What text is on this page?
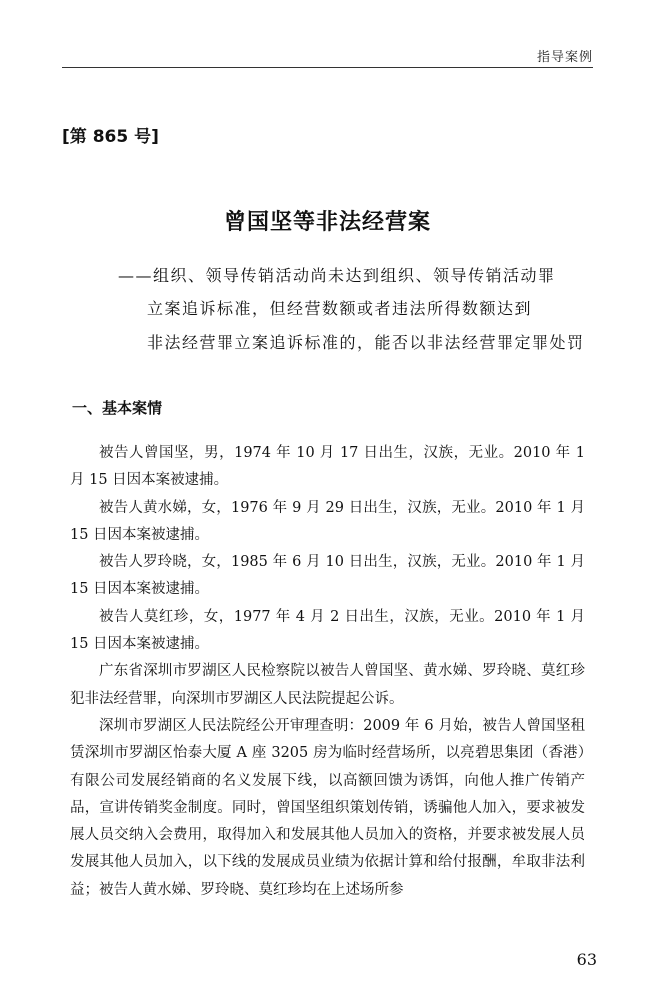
指导案例
[第 865 号]
曾国坚等非法经营案
——组织、领导传销活动尚未达到组织、领导传销活动罪
立案追诉标准，但经营数额或者违法所得数额达到
非法经营罪立案追诉标准的，能否以非法经营罪定罪处罚
一、基本案情

被告人曾国坚，男，1974 年 10 月 17 日出生，汉族，无业。2010 年 1 月 15 日因本案被逮捕。

被告人黄水娣，女，1976 年 9 月 29 日出生，汉族，无业。2010 年 1 月 15 日因本案被逮捕。

被告人罗玲晓，女，1985 年 6 月 10 日出生，汉族，无业。2010 年 1 月 15 日因本案被逮捕。

被告人莫红珍，女，1977 年 4 月 2 日出生，汉族，无业。2010 年 1 月 15 日因本案被逮捕。

广东省深圳市罗湖区人民检察院以被告人曾国坚、黄水娣、罗玲晓、莫红珍犯非法经营罪，向深圳市罗湖区人民法院提起公诉。

深圳市罗湖区人民法院经公开审理查明：2009 年 6 月始，被告人曾国坚租赁深圳市罗湖区怡泰大厦 A 座 3205 房为临时经营场所，以亮碧思集团（香港）有限公司发展经销商的名义发展下线，以高额回馈为诱饵，向他人推广传销产品，宣讲传销奖金制度。同时，曾国坚组织策划传销，诱骗他人加入，要求被发展人员交纳入会费用，取得加入和发展其他人员加入的资格，并要求被发展人员发展其他人员加入，以下线的发展成员业绩为依据计算和给付报酬，牟取非法利益；被告人黄水娣、罗玲晓、莫红珍均在上述场所参

63
